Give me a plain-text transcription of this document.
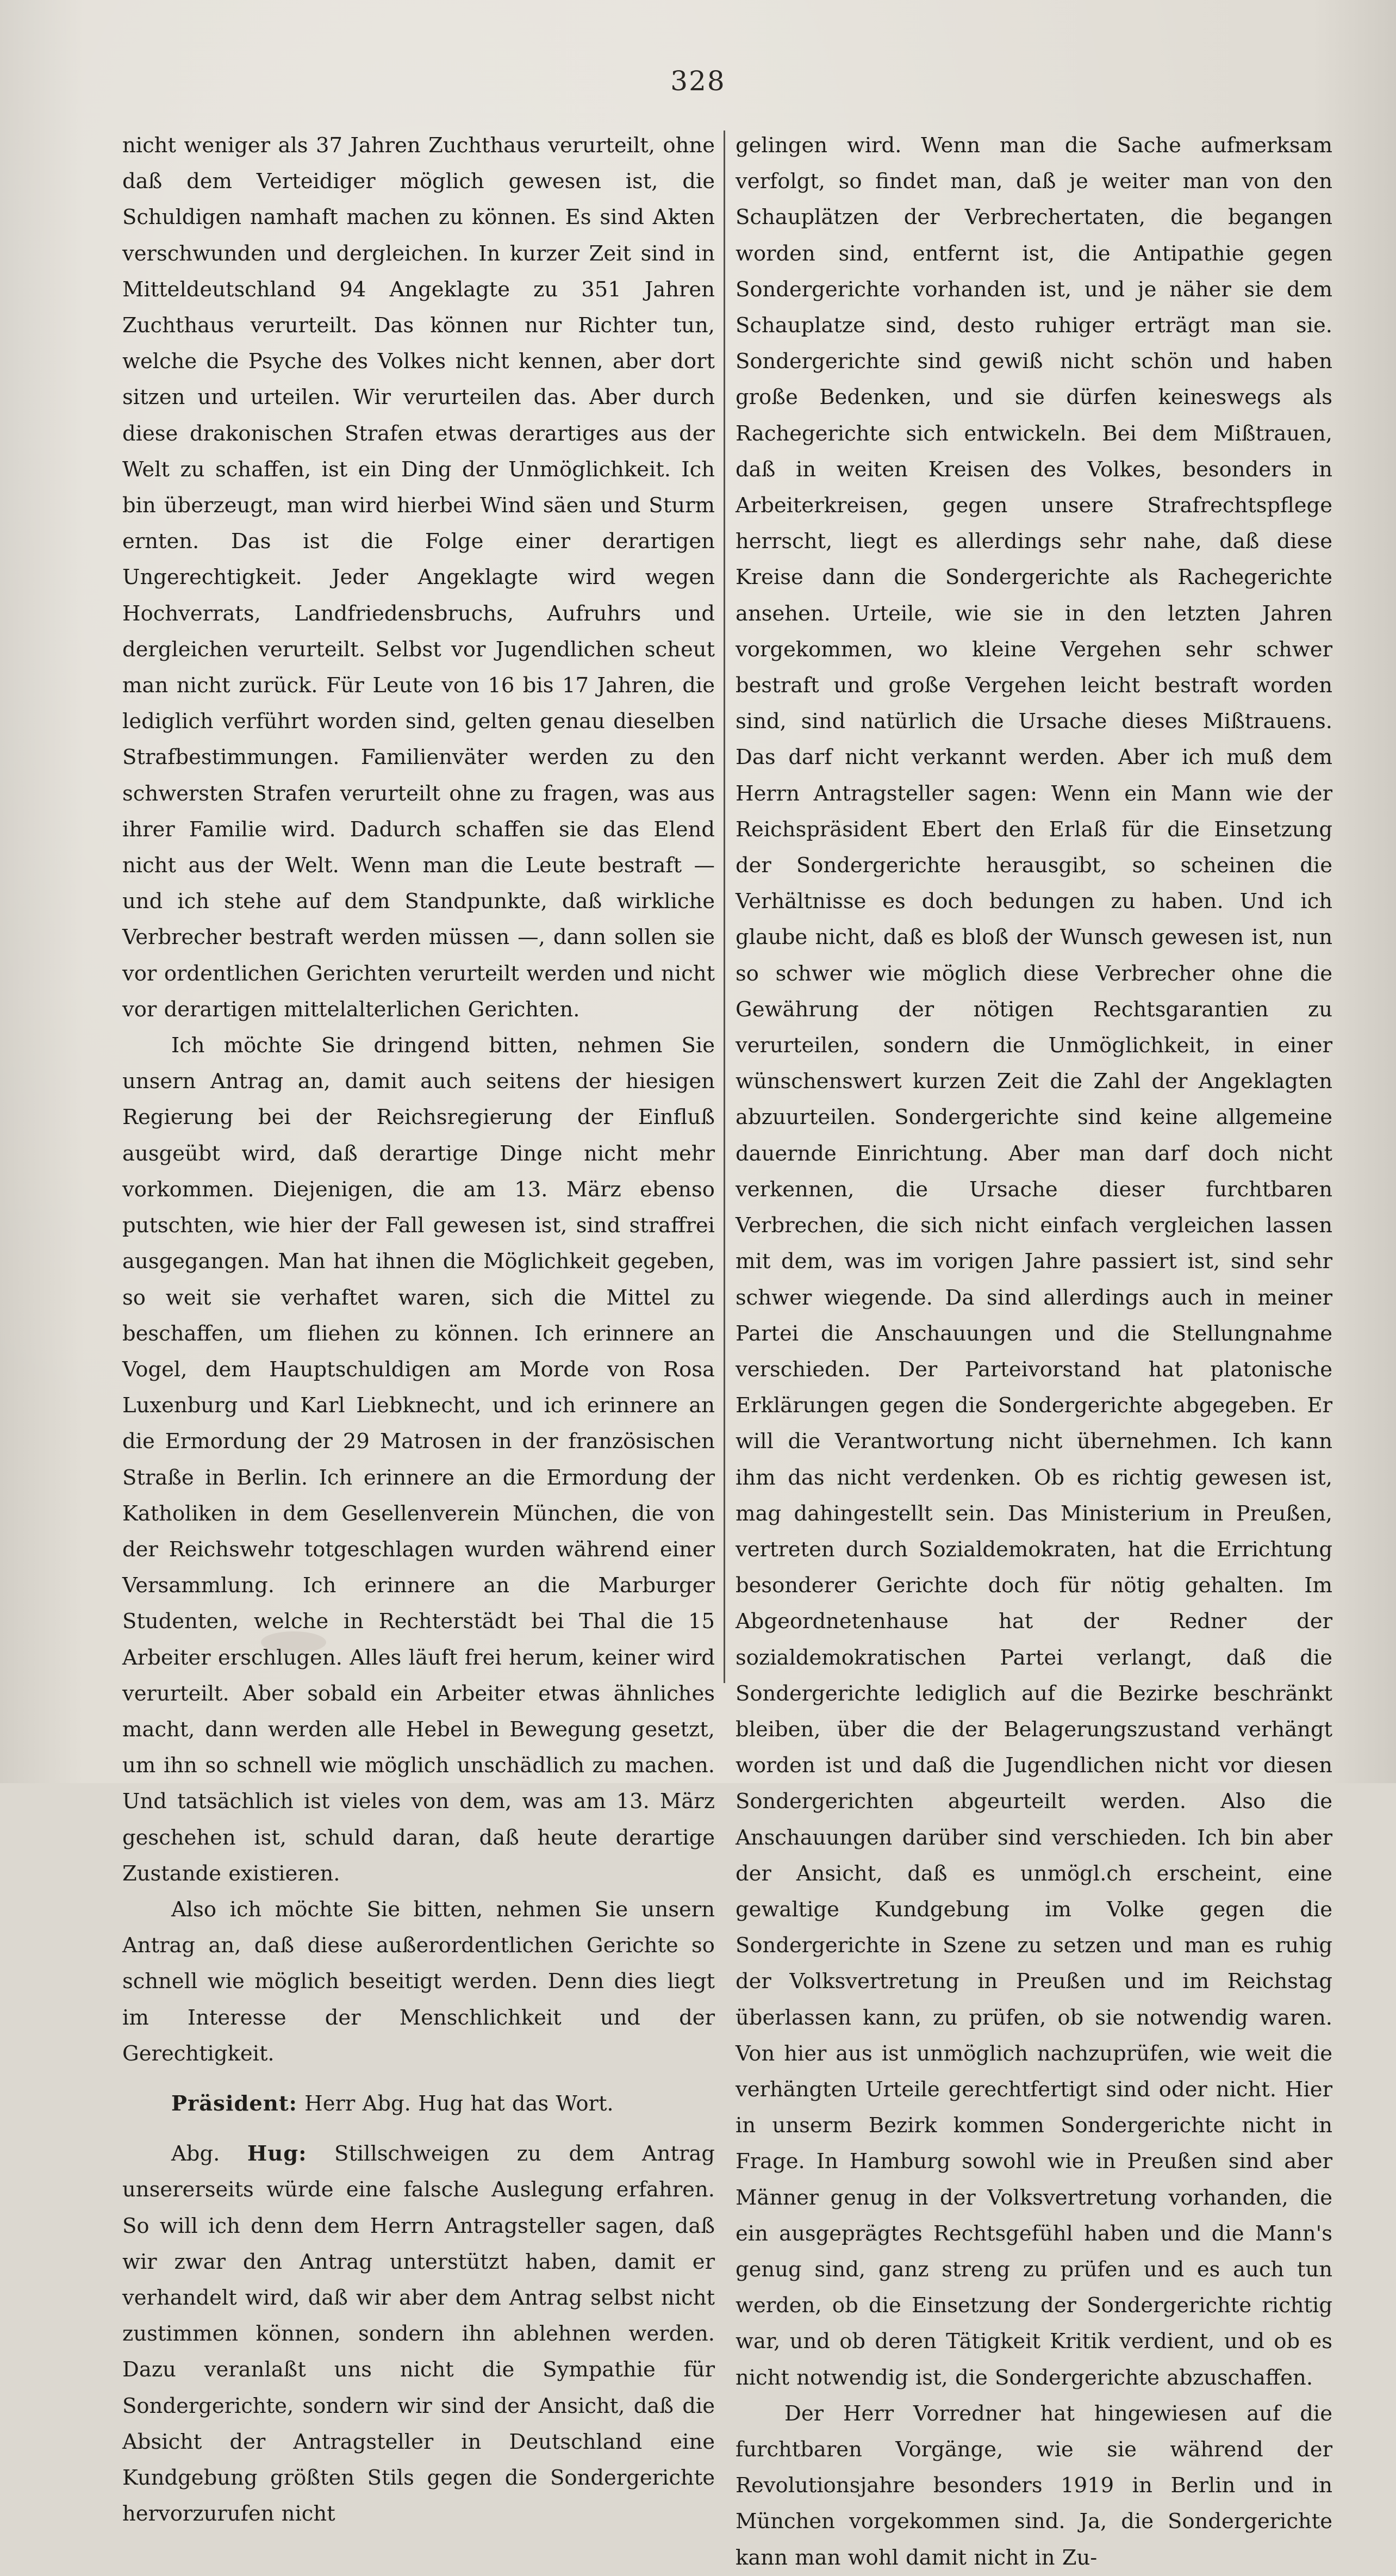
328

nicht weniger als 37 Jahren Zuchthaus verurteilt, ohne daß dem Verteidiger möglich gewesen ist, die Schuldigen namhaft machen zu können. Es sind Akten verschwunden und dergleichen. In kurzer Zeit sind in Mitteldeutschland 94 Angeklagte zu 351 Jahren Zuchthaus verurteilt. Das können nur Richter tun, welche die Psyche des Volkes nicht kennen, aber dort sitzen und urteilen. Wir verurteilen das. Aber durch diese drakonischen Strafen etwas derartiges aus der Welt zu schaffen, ist ein Ding der Unmöglichkeit. Ich bin überzeugt, man wird hierbei Wind säen und Sturm ernten. Das ist die Folge einer derartigen Ungerechtigkeit. Jeder Angeklagte wird wegen Hochverrats, Landfriedensbruchs, Aufruhrs und dergleichen verurteilt. Selbst vor Jugendlichen scheut man nicht zurück. Für Leute von 16 bis 17 Jahren, die lediglich verführt worden sind, gelten genau dieselben Strafbestimmungen. Familienväter werden zu den schwersten Strafen verurteilt ohne zu fragen, was aus ihrer Familie wird. Dadurch schaffen sie das Elend nicht aus der Welt. Wenn man die Leute bestraft — und ich stehe auf dem Standpunkte, daß wirkliche Verbrecher bestraft werden müssen —, dann sollen sie vor ordentlichen Gerichten verurteilt werden und nicht vor derartigen mittelalterlichen Gerichten.

Ich möchte Sie dringend bitten, nehmen Sie unsern Antrag an, damit auch seitens der hiesigen Regierung bei der Reichsregierung der Einfluß ausgeübt wird, daß derartige Dinge nicht mehr vorkommen. Diejenigen, die am 13. März ebenso putschten, wie hier der Fall gewesen ist, sind straffrei ausgegangen. Man hat ihnen die Möglichkeit gegeben, so weit sie verhaftet waren, sich die Mittel zu beschaffen, um fliehen zu können. Ich erinnere an Vogel, dem Hauptschuldigen am Morde von Rosa Luxenburg und Karl Liebknecht, und ich erinnere an die Ermordung der 29 Matrosen in der französischen Straße in Berlin. Ich erinnere an die Ermordung der Katholiken in dem Gesellenverein München, die von der Reichswehr totgeschlagen wurden während einer Versammlung. Ich erinnere an die Marburger Studenten, welche in Rechterstädt bei Thal die 15 Arbeiter erschlugen. Alles läuft frei herum, keiner wird verurteilt. Aber sobald ein Arbeiter etwas ähnliches macht, dann werden alle Hebel in Bewegung gesetzt, um ihn so schnell wie möglich unschädlich zu machen. Und tatsächlich ist vieles von dem, was am 13. März geschehen ist, schuld daran, daß heute derartige Zustande existieren.

Also ich möchte Sie bitten, nehmen Sie unsern Antrag an, daß diese außerordentlichen Gerichte so schnell wie möglich beseitigt werden. Denn dies liegt im Interesse der Menschlichkeit und der Gerechtigkeit.

Präsident: Herr Abg. Hug hat das Wort.

Abg. Hug: Stillschweigen zu dem Antrag unsererseits würde eine falsche Auslegung erfahren. So will ich denn dem Herrn Antragsteller sagen, daß wir zwar den Antrag unterstützt haben, damit er verhandelt wird, daß wir aber dem Antrag selbst nicht zustimmen können, sondern ihn ablehnen werden. Dazu veranlaßt uns nicht die Sympathie für Sondergerichte, sondern wir sind der Ansicht, daß die Absicht der Antragsteller in Deutschland eine Kundgebung größten Stils gegen die Sondergerichte hervorzurufen nicht

gelingen wird. Wenn man die Sache aufmerksam verfolgt, so findet man, daß je weiter man von den Schauplätzen der Verbrechertaten, die begangen worden sind, entfernt ist, die Antipathie gegen Sondergerichte vorhanden ist, und je näher sie dem Schauplatze sind, desto ruhiger erträgt man sie. Sondergerichte sind gewiß nicht schön und haben große Bedenken, und sie dürfen keineswegs als Rachegerichte sich entwickeln. Bei dem Mißtrauen, daß in weiten Kreisen des Volkes, besonders in Arbeiterkreisen, gegen unsere Strafrechtspflege herrscht, liegt es allerdings sehr nahe, daß diese Kreise dann die Sondergerichte als Rachegerichte ansehen. Urteile, wie sie in den letzten Jahren vorgekommen, wo kleine Vergehen sehr schwer bestraft und große Vergehen leicht bestraft worden sind, sind natürlich die Ursache dieses Mißtrauens. Das darf nicht verkannt werden. Aber ich muß dem Herrn Antragsteller sagen: Wenn ein Mann wie der Reichspräsident Ebert den Erlaß für die Einsetzung der Sondergerichte herausgibt, so scheinen die Verhältnisse es doch bedungen zu haben. Und ich glaube nicht, daß es bloß der Wunsch gewesen ist, nun so schwer wie möglich diese Verbrecher ohne die Gewährung der nötigen Rechtsgarantien zu verurteilen, sondern die Unmöglichkeit, in einer wünschenswert kurzen Zeit die Zahl der Angeklagten abzuurteilen. Sondergerichte sind keine allgemeine dauernde Einrichtung. Aber man darf doch nicht verkennen, die Ursache dieser furchtbaren Verbrechen, die sich nicht einfach vergleichen lassen mit dem, was im vorigen Jahre passiert ist, sind sehr schwer wiegende. Da sind allerdings auch in meiner Partei die Anschauungen und die Stellungnahme verschieden. Der Parteivorstand hat platonische Erklärungen gegen die Sondergerichte abgegeben. Er will die Verantwortung nicht übernehmen. Ich kann ihm das nicht verdenken. Ob es richtig gewesen ist, mag dahingestellt sein. Das Ministerium in Preußen, vertreten durch Sozialdemokraten, hat die Errichtung besonderer Gerichte doch für nötig gehalten. Im Abgeordnetenhause hat der Redner der sozialdemokratischen Partei verlangt, daß die Sondergerichte lediglich auf die Bezirke beschränkt bleiben, über die der Belagerungszustand verhängt worden ist und daß die Jugendlichen nicht vor diesen Sondergerichten abgeurteilt werden. Also die Anschauungen darüber sind verschieden. Ich bin aber der Ansicht, daß es unmögl.ch erscheint, eine gewaltige Kundgebung im Volke gegen die Sondergerichte in Szene zu setzen und man es ruhig der Volksvertretung in Preußen und im Reichstag überlassen kann, zu prüfen, ob sie notwendig waren. Von hier aus ist unmöglich nachzuprüfen, wie weit die verhängten Urteile gerechtfertigt sind oder nicht. Hier in unserm Bezirk kommen Sondergerichte nicht in Frage. In Hamburg sowohl wie in Preußen sind aber Männer genug in der Volksvertretung vorhanden, die ein ausgeprägtes Rechtsgefühl haben und die Mann's genug sind, ganz streng zu prüfen und es auch tun werden, ob die Einsetzung der Sondergerichte richtig war, und ob deren Tätigkeit Kritik verdient, und ob es nicht notwendig ist, die Sondergerichte abzuschaffen.

Der Herr Vorredner hat hingewiesen auf die furchtbaren Vorgänge, wie sie während der Revolutionsjahre besonders 1919 in Berlin und in München vorgekommen sind. Ja, die Sondergerichte kann man wohl damit nicht in Zu-
